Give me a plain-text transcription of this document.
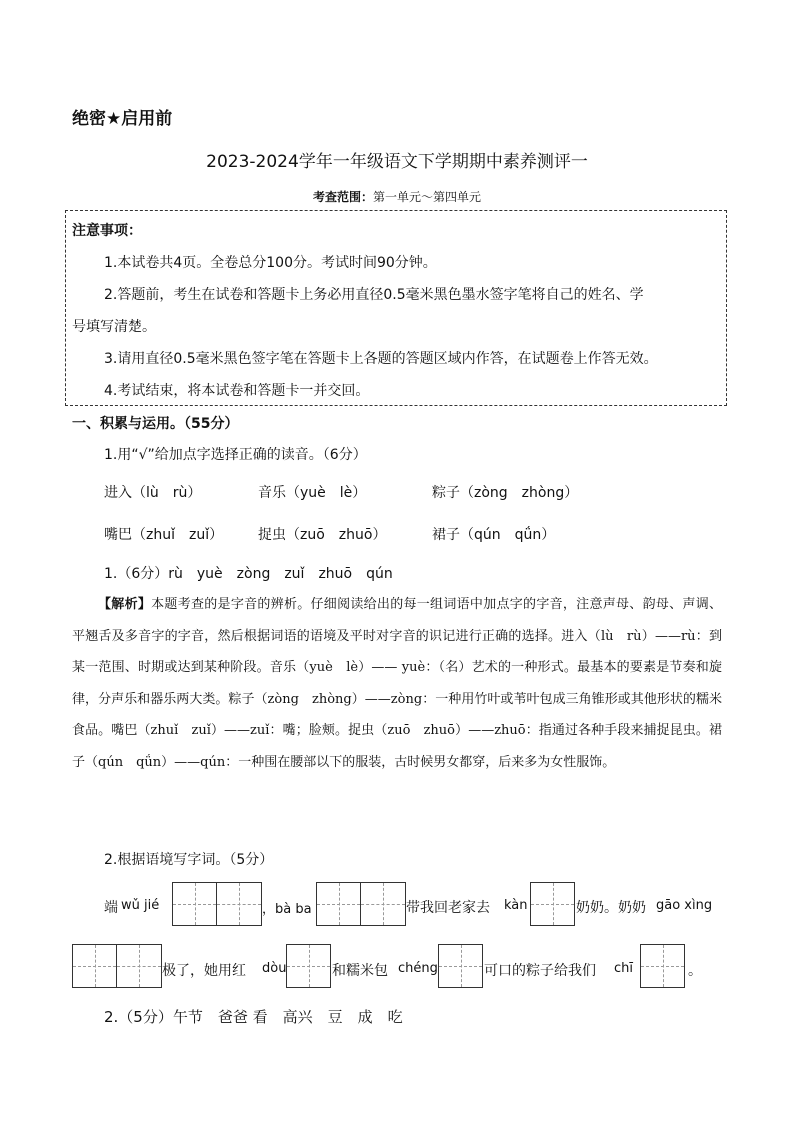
绝密★启用前
2023-2024学年一年级语文下学期期中素养测评一
考查范围：第一单元～第四单元
注意事项：
1.本试卷共4页。全卷总分100分。考试时间90分钟。
2.答题前，考生在试卷和答题卡上务必用直径0.5毫米黑色墨水签字笔将自己的姓名、学
号填写清楚。
3.请用直径0.5毫米黑色签字笔在答题卡上各题的答题区域内作答，在试题卷上作答无效。
4.考试结束，将本试卷和答题卡一并交回。
一、积累与运用。（55分）
1.用“√”给加点字选择正确的读音。（6分）
进入（lù　rù）	音乐（yuè　lè）	粽子（zòng　zhòng）
嘴巴（zhuǐ　zuǐ） 捉虫（zuō　zhuō）	裙子（qún　qǘn）
1.（6分）rù　yuè　zòng　zuǐ　zhuō　qún
【解析】本题考查的是字音的辨析。仔细阅读给出的每一组词语中加点字的字音，注意声母、韵母、声调、平翘舌及多音字的字音，然后根据词语的语境及平时对字音的识记进行正确的选择。进入（lù　rù）——rù：到某一范围、时期或达到某种阶段。音乐（yuè　lè）—— yuè：（名）艺术的一种形式。最基本的要素是节奏和旋律，分声乐和器乐两大类。粽子（zòng　zhòng）——zòng：一种用竹叶或苇叶包成三角锥形或其他形状的糯米食品。嘴巴（zhuǐ　zuǐ）——zuǐ：嘴；脸颊。捉虫（zuō　zhuō）——zhuō：指通过各种手段来捕捉昆虫。裙子（qún　qǘn）——qún：一种围在腰部以下的服装，古时候男女都穿，后来多为女性服饰。
2.根据语境写字词。（5分）
端 wǔ jié	，bà ba	带我回老家去 kàn	奶奶。奶奶 gāo xìng
极了，她用红 dòu	和糯米包 chéng	可口的粽子给我们 chī	。
2.（5分）午节　爸爸 看　高兴　豆　成　吃
